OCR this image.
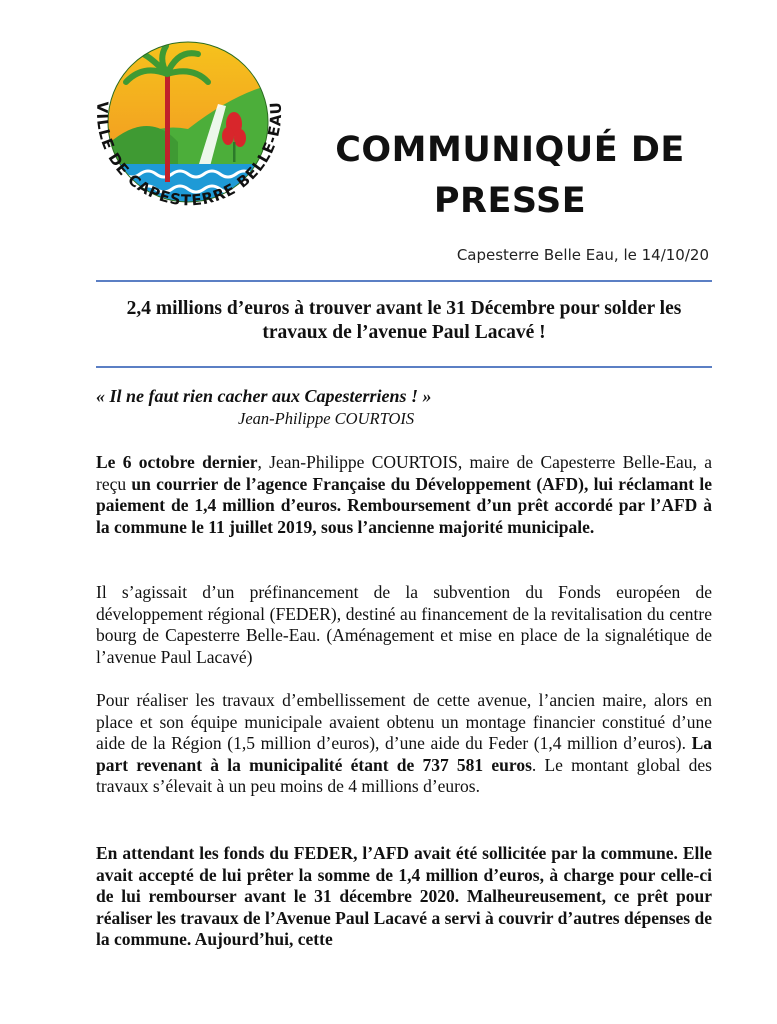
VILLE DE CAPESTERRE BELLE-EAU
COMMUNIQUÉ DE
PRESSE
Capesterre Belle Eau, le 14/10/20
2,4 millions d’euros à trouver avant le 31 Décembre pour solder les travaux de l’avenue Paul Lacavé !
« Il ne faut rien cacher aux Capesterriens ! »
Jean-Philippe COURTOIS

Le 6 octobre dernier, Jean-Philippe COURTOIS, maire de Capesterre Belle-Eau, a reçu un courrier de l’agence Française du Développement (AFD), lui réclamant le paiement de 1,4 million d’euros. Remboursement d’un prêt accordé par l’AFD à la commune le 11 juillet 2019, sous l’ancienne majorité municipale.

Il s’agissait d’un préfinancement de la subvention du Fonds européen de développement régional (FEDER), destiné au financement de la revitalisation du centre bourg de Capesterre Belle-Eau. (Aménagement et mise en place de la signalétique de l’avenue Paul Lacavé)

Pour réaliser les travaux d’embellissement de cette avenue, l’ancien maire, alors en place et son équipe municipale avaient obtenu un montage financier constitué d’une aide de la Région (1,5 million d’euros), d’une aide du Feder (1,4 million d’euros). La part revenant à la municipalité étant de 737 581 euros. Le montant global des travaux s’élevait à un peu moins de 4 millions d’euros.

En attendant les fonds du FEDER, l’AFD avait été sollicitée par la commune. Elle avait accepté de lui prêter la somme de 1,4 million d’euros, à charge pour celle-ci de lui rembourser avant le 31 décembre 2020. Malheureusement, ce prêt pour réaliser les travaux de l’Avenue Paul Lacavé a servi à couvrir d’autres dépenses de la commune. Aujourd’hui, cette
